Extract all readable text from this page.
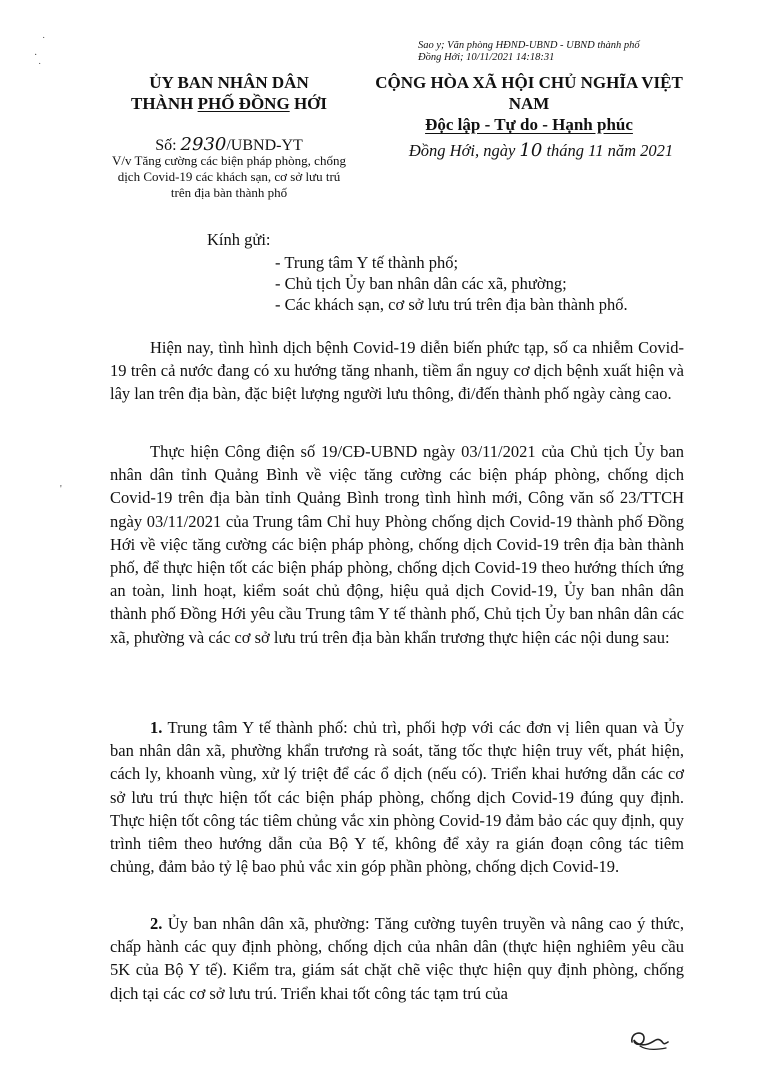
˙
·
˙
'
Sao y; Văn phòng HĐND-UBND - UBND thành phố
Đồng Hới; 10/11/2021 14:18:31
ỦY BAN NHÂN DÂN
THÀNH PHỐ ĐỒNG HỚI
CỘNG HÒA XÃ HỘI CHỦ NGHĨA VIỆT NAM
Độc lập - Tự do - Hạnh phúc
Số: 2930/UBND-YT
V/v Tăng cường các biện pháp phòng, chống dịch Covid-19 các khách sạn, cơ sở lưu trú trên địa bàn thành phố
Đồng Hới, ngày 10 tháng 11 năm 2021
Kính gửi:
- Trung tâm Y tế thành phố;
- Chủ tịch Ủy ban nhân dân các xã, phường;
- Các khách sạn, cơ sở lưu trú trên địa bàn thành phố.

Hiện nay, tình hình dịch bệnh Covid-19 diễn biến phức tạp, số ca nhiễm Covid-19 trên cả nước đang có xu hướng tăng nhanh, tiềm ẩn nguy cơ dịch bệnh xuất hiện và lây lan trên địa bàn, đặc biệt lượng người lưu thông, đi/đến thành phố ngày càng cao.

Thực hiện Công điện số 19/CĐ-UBND ngày 03/11/2021 của Chủ tịch Ủy ban nhân dân tỉnh Quảng Bình về việc tăng cường các biện pháp phòng, chống dịch Covid-19 trên địa bàn tỉnh Quảng Bình trong tình hình mới, Công văn số 23/TTCH ngày 03/11/2021 của Trung tâm Chỉ huy Phòng chống dịch Covid-19 thành phố Đồng Hới về việc tăng cường các biện pháp phòng, chống dịch Covid-19 trên địa bàn thành phố, để thực hiện tốt các biện pháp phòng, chống dịch Covid-19 theo hướng thích ứng an toàn, linh hoạt, kiểm soát chủ động, hiệu quả dịch Covid-19, Ủy ban nhân dân thành phố Đồng Hới yêu cầu Trung tâm Y tế thành phố, Chủ tịch Ủy ban nhân dân các xã, phường và các cơ sở lưu trú trên địa bàn khẩn trương thực hiện các nội dung sau:

1. Trung tâm Y tế thành phố: chủ trì, phối hợp với các đơn vị liên quan và Ủy ban nhân dân xã, phường khẩn trương rà soát, tăng tốc thực hiện truy vết, phát hiện, cách ly, khoanh vùng, xử lý triệt để các ổ dịch (nếu có). Triển khai hướng dẫn các cơ sở lưu trú thực hiện tốt các biện pháp phòng, chống dịch Covid-19 đúng quy định. Thực hiện tốt công tác tiêm chủng vắc xin phòng Covid-19 đảm bảo các quy định, quy trình tiêm theo hướng dẫn của Bộ Y tế, không để xảy ra gián đoạn công tác tiêm chủng, đảm bảo tỷ lệ bao phủ vắc xin góp phần phòng, chống dịch Covid-19.

2. Ủy ban nhân dân xã, phường: Tăng cường tuyên truyền và nâng cao ý thức, chấp hành các quy định phòng, chống dịch của nhân dân (thực hiện nghiêm yêu cầu 5K của Bộ Y tế). Kiểm tra, giám sát chặt chẽ việc thực hiện quy định phòng, chống dịch tại các cơ sở lưu trú. Triển khai tốt công tác tạm trú của
